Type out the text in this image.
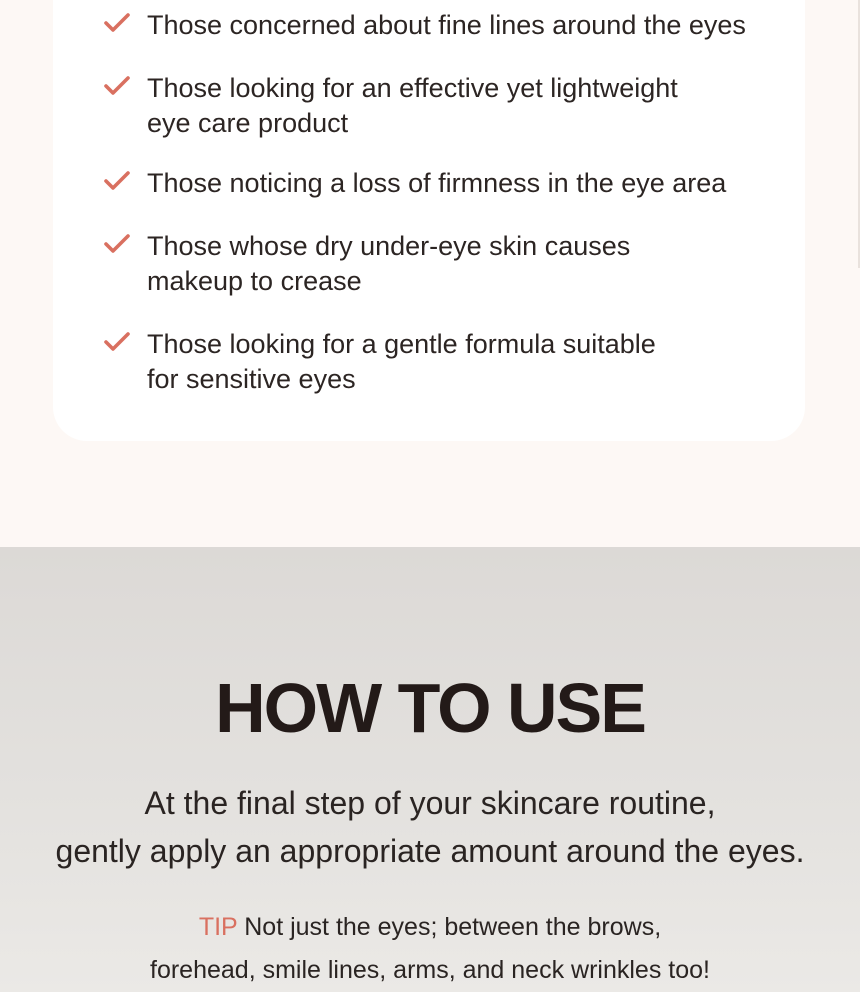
Those concerned about fine lines around the eyes
Those looking for an effective yet lightweight
eye care product
Those noticing a loss of firmness in the eye area
Those whose dry under-eye skin causes
makeup to crease
Those looking for a gentle formula suitable
for sensitive eyes
HOW TO USE
At the final step of your skincare routine,
gently apply an appropriate amount around the eyes.
TIP Not just the eyes; between the brows,
forehead, smile lines, arms, and neck wrinkles too!
